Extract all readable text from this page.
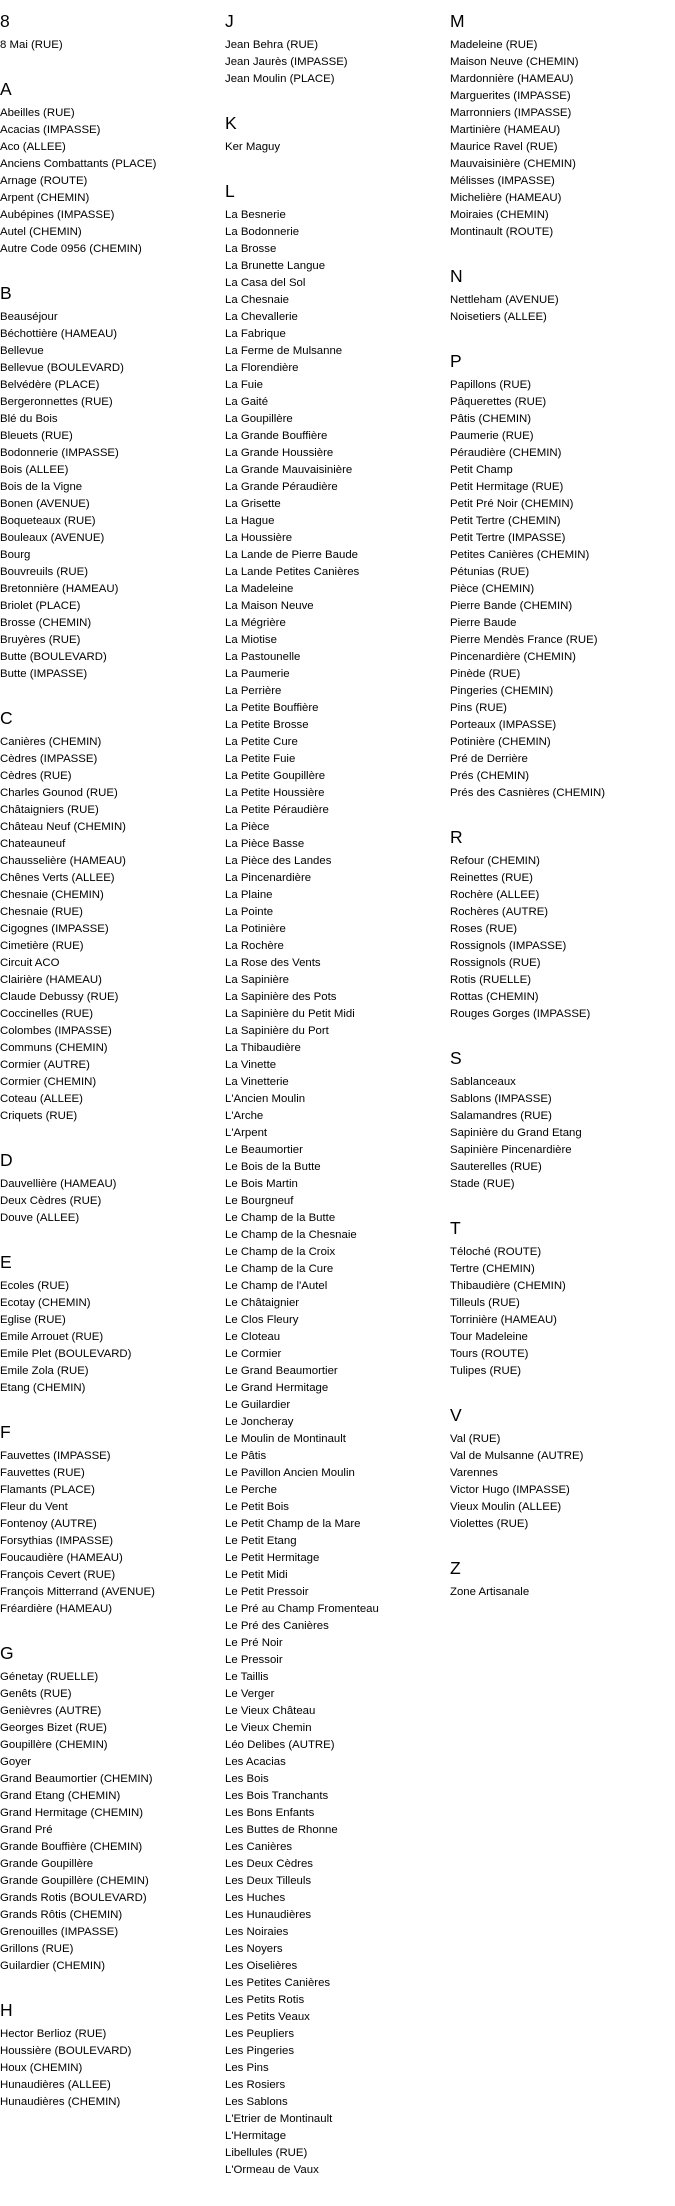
8
8 Mai (RUE)
A
Abeilles (RUE)
Acacias (IMPASSE)
Aco (ALLEE)
Anciens Combattants (PLACE)
Arnage (ROUTE)
Arpent (CHEMIN)
Aubépines (IMPASSE)
Autel (CHEMIN)
Autre Code 0956 (CHEMIN)
B
Beauséjour
Béchottière (HAMEAU)
Bellevue
Bellevue (BOULEVARD)
Belvédère (PLACE)
Bergeronnettes (RUE)
Blé du Bois
Bleuets (RUE)
Bodonnerie (IMPASSE)
Bois (ALLEE)
Bois de la Vigne
Bonen (AVENUE)
Boqueteaux (RUE)
Bouleaux (AVENUE)
Bourg
Bouvreuils (RUE)
Bretonnière (HAMEAU)
Briolet (PLACE)
Brosse (CHEMIN)
Bruyères (RUE)
Butte (BOULEVARD)
Butte (IMPASSE)
C
Canières (CHEMIN)
Cèdres (IMPASSE)
Cèdres (RUE)
Charles Gounod (RUE)
Châtaigniers (RUE)
Château Neuf (CHEMIN)
Chateauneuf
Chausselière (HAMEAU)
Chênes Verts (ALLEE)
Chesnaie (CHEMIN)
Chesnaie (RUE)
Cigognes (IMPASSE)
Cimetière (RUE)
Circuit ACO
Clairière (HAMEAU)
Claude Debussy (RUE)
Coccinelles (RUE)
Colombes (IMPASSE)
Communs (CHEMIN)
Cormier (AUTRE)
Cormier (CHEMIN)
Coteau (ALLEE)
Criquets (RUE)
D
Dauvellière (HAMEAU)
Deux Cèdres (RUE)
Douve (ALLEE)
E
Ecoles (RUE)
Ecotay (CHEMIN)
Eglise (RUE)
Emile Arrouet (RUE)
Emile Plet (BOULEVARD)
Emile Zola (RUE)
Etang (CHEMIN)
F
Fauvettes (IMPASSE)
Fauvettes (RUE)
Flamants (PLACE)
Fleur du Vent
Fontenoy (AUTRE)
Forsythias (IMPASSE)
Foucaudière (HAMEAU)
François Cevert (RUE)
François Mitterrand (AVENUE)
Fréardière (HAMEAU)
G
Génetay (RUELLE)
Genêts (RUE)
Genièvres (AUTRE)
Georges Bizet (RUE)
Goupillère (CHEMIN)
Goyer
Grand Beaumortier (CHEMIN)
Grand Etang (CHEMIN)
Grand Hermitage (CHEMIN)
Grand Pré
Grande Bouffière (CHEMIN)
Grande Goupillère
Grande Goupillère (CHEMIN)
Grands Rotis (BOULEVARD)
Grands Rôtis (CHEMIN)
Grenouilles (IMPASSE)
Grillons (RUE)
Guilardier (CHEMIN)
H
Hector Berlioz (RUE)
Houssière (BOULEVARD)
Houx (CHEMIN)
Hunaudières (ALLEE)
Hunaudières (CHEMIN)
J
Jean Behra (RUE)
Jean Jaurès (IMPASSE)
Jean Moulin (PLACE)
K
Ker Maguy
L
La Besnerie
La Bodonnerie
La Brosse
La Brunette Langue
La Casa del Sol
La Chesnaie
La Chevallerie
La Fabrique
La Ferme de Mulsanne
La Florendière
La Fuie
La Gaité
La Goupillère
La Grande Bouffière
La Grande Houssière
La Grande Mauvaisinière
La Grande Péraudière
La Grisette
La Hague
La Houssière
La Lande de Pierre Baude
La Lande Petites Canières
La Madeleine
La Maison Neuve
La Mégrière
La Miotise
La Pastounelle
La Paumerie
La Perrière
La Petite Bouffière
La Petite Brosse
La Petite Cure
La Petite Fuie
La Petite Goupillère
La Petite Houssière
La Petite Péraudière
La Pièce
La Pièce Basse
La Pièce des Landes
La Pincenardière
La Plaine
La Pointe
La Potinière
La Rochère
La Rose des Vents
La Sapinière
La Sapinière des Pots
La Sapinière du Petit Midi
La Sapinière du Port
La Thibaudière
La Vinette
La Vinetterie
L'Ancien Moulin
L'Arche
L'Arpent
Le Beaumortier
Le Bois de la Butte
Le Bois Martin
Le Bourgneuf
Le Champ de la Butte
Le Champ de la Chesnaie
Le Champ de la Croix
Le Champ de la Cure
Le Champ de l'Autel
Le Châtaignier
Le Clos Fleury
Le Cloteau
Le Cormier
Le Grand Beaumortier
Le Grand Hermitage
Le Guilardier
Le Joncheray
Le Moulin de Montinault
Le Pâtis
Le Pavillon Ancien Moulin
Le Perche
Le Petit Bois
Le Petit Champ de la Mare
Le Petit Etang
Le Petit Hermitage
Le Petit Midi
Le Petit Pressoir
Le Pré au Champ Fromenteau
Le Pré des Canières
Le Pré Noir
Le Pressoir
Le Taillis
Le Verger
Le Vieux Château
Le Vieux Chemin
Léo Delibes (AUTRE)
Les Acacias
Les Bois
Les Bois Tranchants
Les Bons Enfants
Les Buttes de Rhonne
Les Canières
Les Deux Cèdres
Les Deux Tilleuls
Les Huches
Les Hunaudières
Les Noiraies
Les Noyers
Les Oiselières
Les Petites Canières
Les Petits Rotis
Les Petits Veaux
Les Peupliers
Les Pingeries
Les Pins
Les Rosiers
Les Sablons
L'Etrier de Montinault
L'Hermitage
Libellules (RUE)
L'Ormeau de Vaux
M
Madeleine (RUE)
Maison Neuve (CHEMIN)
Mardonnière (HAMEAU)
Marguerites (IMPASSE)
Marronniers (IMPASSE)
Martinière (HAMEAU)
Maurice Ravel (RUE)
Mauvaisinière (CHEMIN)
Mélisses (IMPASSE)
Michelière (HAMEAU)
Moiraies (CHEMIN)
Montinault (ROUTE)
N
Nettleham (AVENUE)
Noisetiers (ALLEE)
P
Papillons (RUE)
Pâquerettes (RUE)
Pâtis (CHEMIN)
Paumerie (RUE)
Péraudière (CHEMIN)
Petit Champ
Petit Hermitage (RUE)
Petit Pré Noir (CHEMIN)
Petit Tertre (CHEMIN)
Petit Tertre (IMPASSE)
Petites Canières (CHEMIN)
Pétunias (RUE)
Pièce (CHEMIN)
Pierre Bande (CHEMIN)
Pierre Baude
Pierre Mendès France (RUE)
Pincenardière (CHEMIN)
Pinède (RUE)
Pingeries (CHEMIN)
Pins (RUE)
Porteaux (IMPASSE)
Potinière (CHEMIN)
Pré de Derrière
Prés (CHEMIN)
Prés des Casnières (CHEMIN)
R
Refour (CHEMIN)
Reinettes (RUE)
Rochère (ALLEE)
Rochères (AUTRE)
Roses (RUE)
Rossignols (IMPASSE)
Rossignols (RUE)
Rotis (RUELLE)
Rottas (CHEMIN)
Rouges Gorges (IMPASSE)
S
Sablanceaux
Sablons (IMPASSE)
Salamandres (RUE)
Sapinière du Grand Etang
Sapinière Pincenardière
Sauterelles (RUE)
Stade (RUE)
T
Téloché (ROUTE)
Tertre (CHEMIN)
Thibaudière (CHEMIN)
Tilleuls (RUE)
Torrinière (HAMEAU)
Tour Madeleine
Tours (ROUTE)
Tulipes (RUE)
V
Val (RUE)
Val de Mulsanne (AUTRE)
Varennes
Victor Hugo (IMPASSE)
Vieux Moulin (ALLEE)
Violettes (RUE)
Z
Zone Artisanale
